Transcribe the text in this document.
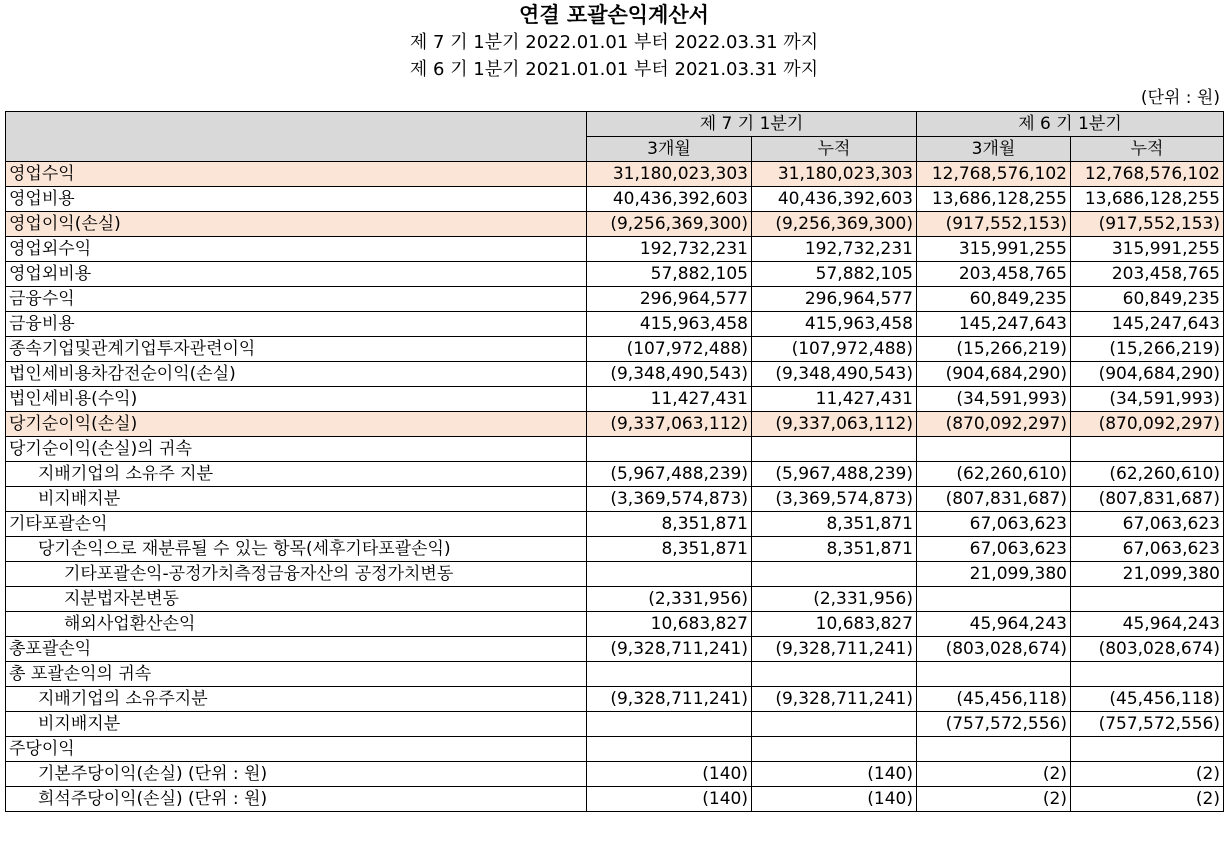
연결 포괄손익계산서
제 7 기 1분기 2022.01.01 부터 2022.03.31 까지
제 6 기 1분기 2021.01.01 부터 2021.03.31 까지
(단위 : 원)
	제 7 기 1분기		제 6 기 1분기	
	3개월	누적	3개월	누적
영업수익	31,180,023,303	31,180,023,303	12,768,576,102	12,768,576,102
영업비용	40,436,392,603	40,436,392,603	13,686,128,255	13,686,128,255
영업이익(손실)	(9,256,369,300)	(9,256,369,300)	(917,552,153)	(917,552,153)
영업외수익	192,732,231	192,732,231	315,991,255	315,991,255
영업외비용	57,882,105	57,882,105	203,458,765	203,458,765
금융수익	296,964,577	296,964,577	60,849,235	60,849,235
금융비용	415,963,458	415,963,458	145,247,643	145,247,643
종속기업및관계기업투자관련이익	(107,972,488)	(107,972,488)	(15,266,219)	(15,266,219)
법인세비용차감전순이익(손실)	(9,348,490,543)	(9,348,490,543)	(904,684,290)	(904,684,290)
법인세비용(수익)	11,427,431	11,427,431	(34,591,993)	(34,591,993)
당기순이익(손실)	(9,337,063,112)	(9,337,063,112)	(870,092,297)	(870,092,297)
당기순이익(손실)의 귀속				
지배기업의 소유주 지분	(5,967,488,239)	(5,967,488,239)	(62,260,610)	(62,260,610)
비지배지분	(3,369,574,873)	(3,369,574,873)	(807,831,687)	(807,831,687)
기타포괄손익	8,351,871	8,351,871	67,063,623	67,063,623
당기손익으로 재분류될 수 있는 항목(세후기타포괄손익)	8,351,871	8,351,871	67,063,623	67,063,623
기타포괄손익-공정가치측정금융자산의 공정가치변동			21,099,380	21,099,380
지분법자본변동	(2,331,956)	(2,331,956)		
해외사업환산손익	10,683,827	10,683,827	45,964,243	45,964,243
총포괄손익	(9,328,711,241)	(9,328,711,241)	(803,028,674)	(803,028,674)
총 포괄손익의 귀속				
지배기업의 소유주지분	(9,328,711,241)	(9,328,711,241)	(45,456,118)	(45,456,118)
비지배지분			(757,572,556)	(757,572,556)
주당이익				
기본주당이익(손실) (단위 : 원)	(140)	(140)	(2)	(2)
희석주당이익(손실) (단위 : 원)	(140)	(140)	(2)	(2)
